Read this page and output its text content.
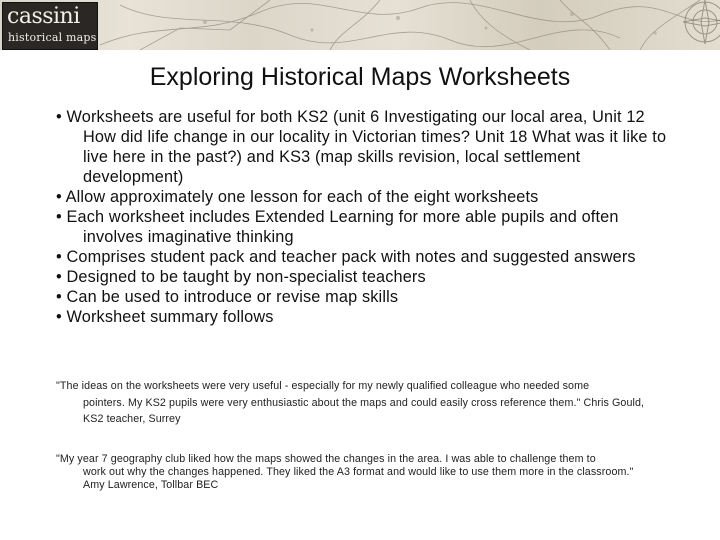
cassini
historical maps
Exploring Historical Maps Worksheets
• Worksheets are useful for both KS2 (unit 6 Investigating our local area, Unit 12 How did life change in our locality in Victorian times? Unit 18 What was it like to live here in the past?) and KS3 (map skills revision, local settlement development)
• Allow approximately one lesson for each of the eight worksheets
• Each worksheet includes Extended Learning for more able pupils and often involves imaginative thinking
• Comprises student pack and teacher pack with notes and suggested answers
• Designed to be taught by non-specialist teachers
• Can be used to introduce or revise map skills
• Worksheet summary follows
"The ideas on the worksheets were very useful - especially for my newly qualified colleague who needed some
pointers. My KS2 pupils were very enthusiastic about the maps and could easily cross reference them." Chris Gould, KS2 teacher, Surrey
"My year 7 geography club liked how the maps showed the changes in the area. I was able to challenge them to
work out why the changes happened. They liked the A3 format and would like to use them more in the classroom." Amy Lawrence, Tollbar BEC
